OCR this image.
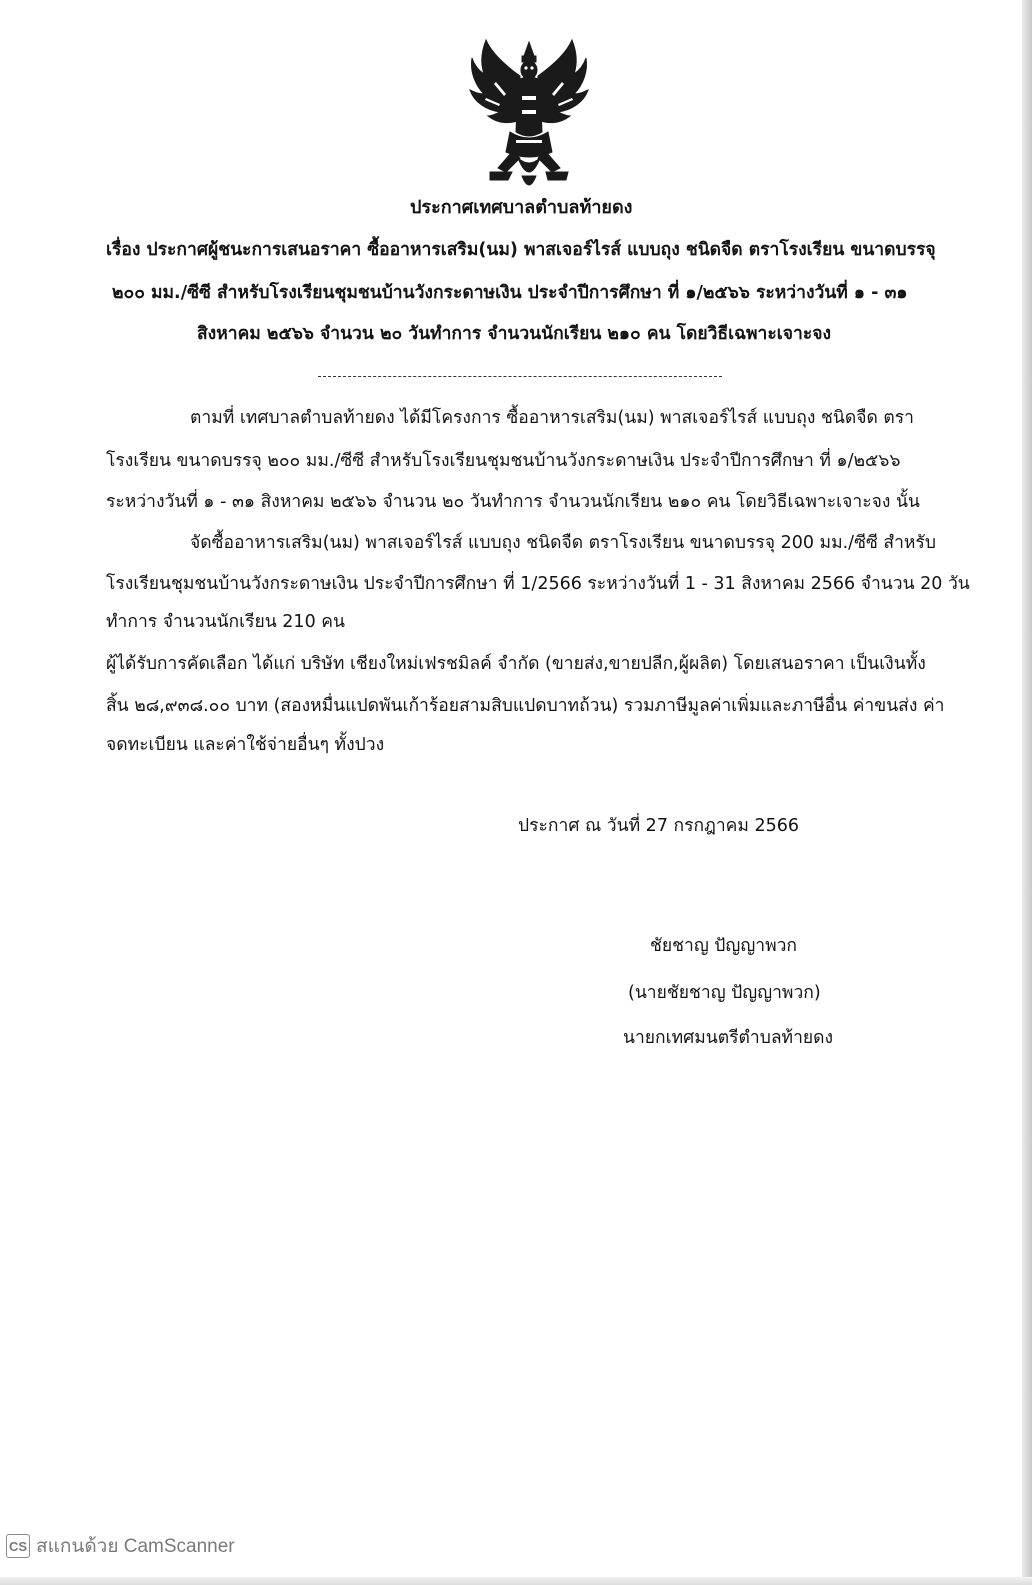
ประกาศเทศบาลตำบลท้ายดง
เรื่อง ประกาศผู้ชนะการเสนอราคา ซื้ออาหารเสริม(นม) พาสเจอร์ไรส์ แบบถุง ชนิดจืด ตราโรงเรียน ขนาดบรรจุ
๒๐๐ มม./ซีซี สำหรับโรงเรียนชุมชนบ้านวังกระดาษเงิน ประจำปีการศึกษา ที่ ๑/๒๕๖๖ ระหว่างวันที่ ๑ - ๓๑
สิงหาคม ๒๕๖๖ จำนวน ๒๐ วันทำการ จำนวนนักเรียน ๒๑๐ คน โดยวิธีเฉพาะเจาะจง
ตามที่ เทศบาลตำบลท้ายดง ได้มีโครงการ ซื้ออาหารเสริม(นม) พาสเจอร์ไรส์ แบบถุง ชนิดจืด ตรา
โรงเรียน ขนาดบรรจุ ๒๐๐ มม./ซีซี สำหรับโรงเรียนชุมชนบ้านวังกระดาษเงิน ประจำปีการศึกษา ที่ ๑/๒๕๖๖
ระหว่างวันที่ ๑ - ๓๑ สิงหาคม ๒๕๖๖ จำนวน ๒๐ วันทำการ จำนวนนักเรียน ๒๑๐ คน โดยวิธีเฉพาะเจาะจง นั้น
จัดซื้ออาหารเสริม(นม) พาสเจอร์ไรส์ แบบถุง ชนิดจืด ตราโรงเรียน ขนาดบรรจุ 200 มม./ซีซี สำหรับ
โรงเรียนชุมชนบ้านวังกระดาษเงิน ประจำปีการศึกษา ที่ 1/2566 ระหว่างวันที่ 1 - 31 สิงหาคม 2566 จำนวน 20 วัน
ทำการ จำนวนนักเรียน 210 คน
ผู้ได้รับการคัดเลือก ได้แก่ บริษัท เชียงใหม่เฟรชมิลค์ จำกัด (ขายส่ง,ขายปลีก,ผู้ผลิต) โดยเสนอราคา เป็นเงินทั้ง
สิ้น ๒๘,๙๓๘.๐๐ บาท (สองหมื่นแปดพันเก้าร้อยสามสิบแปดบาทถ้วน) รวมภาษีมูลค่าเพิ่มและภาษีอื่น ค่าขนส่ง ค่า
จดทะเบียน และค่าใช้จ่ายอื่นๆ ทั้งปวง
ประกาศ ณ วันที่ 27 กรกฎาคม 2566
ชัยชาญ ปัญญาพวก
(นายชัยชาญ ปัญญาพวก)
นายกเทศมนตรีตำบลท้ายดง
CS สแกนด้วย CamScanner
